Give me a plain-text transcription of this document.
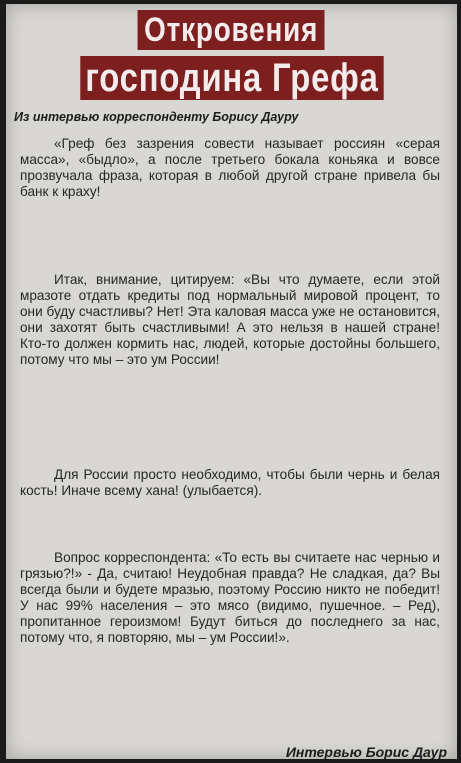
Откровения
господина Грефа
Из интервью корреспонденту Борису Дауру
«Греф без зазрения совести называет россиян «серая масса», «быдло», а после третьего бокала коньяка и вовсе прозвучала фраза, которая в любой другой стране привела бы банк к краху!
Итак, внимание, цитируем: «Вы что думаете, если этой мразоте отдать кредиты под нормальный мировой процент, то они буду счастливы? Нет! Эта каловая масса уже не остановится, они захотят быть счастливыми! А это нельзя в нашей стране! Кто-то должен кормить нас, людей, которые достойны большего, потому что мы – это ум России!
Для России просто необходимо, чтобы были чернь и белая кость! Иначе всему хана! (улыбается).
Вопрос корреспондента: «То есть вы считаете нас чернью и грязью?!» - Да, считаю! Неудобная правда? Не сладкая, да? Вы всегда были и будете мразью, поэтому Россию никто не победит! У нас 99% населения – это мясо (видимо, пушечное. – Ред), пропитанное героизмом! Будут биться до последнего за нас, потому что, я повторяю, мы – ум России!».
Интервью Борис Даур
